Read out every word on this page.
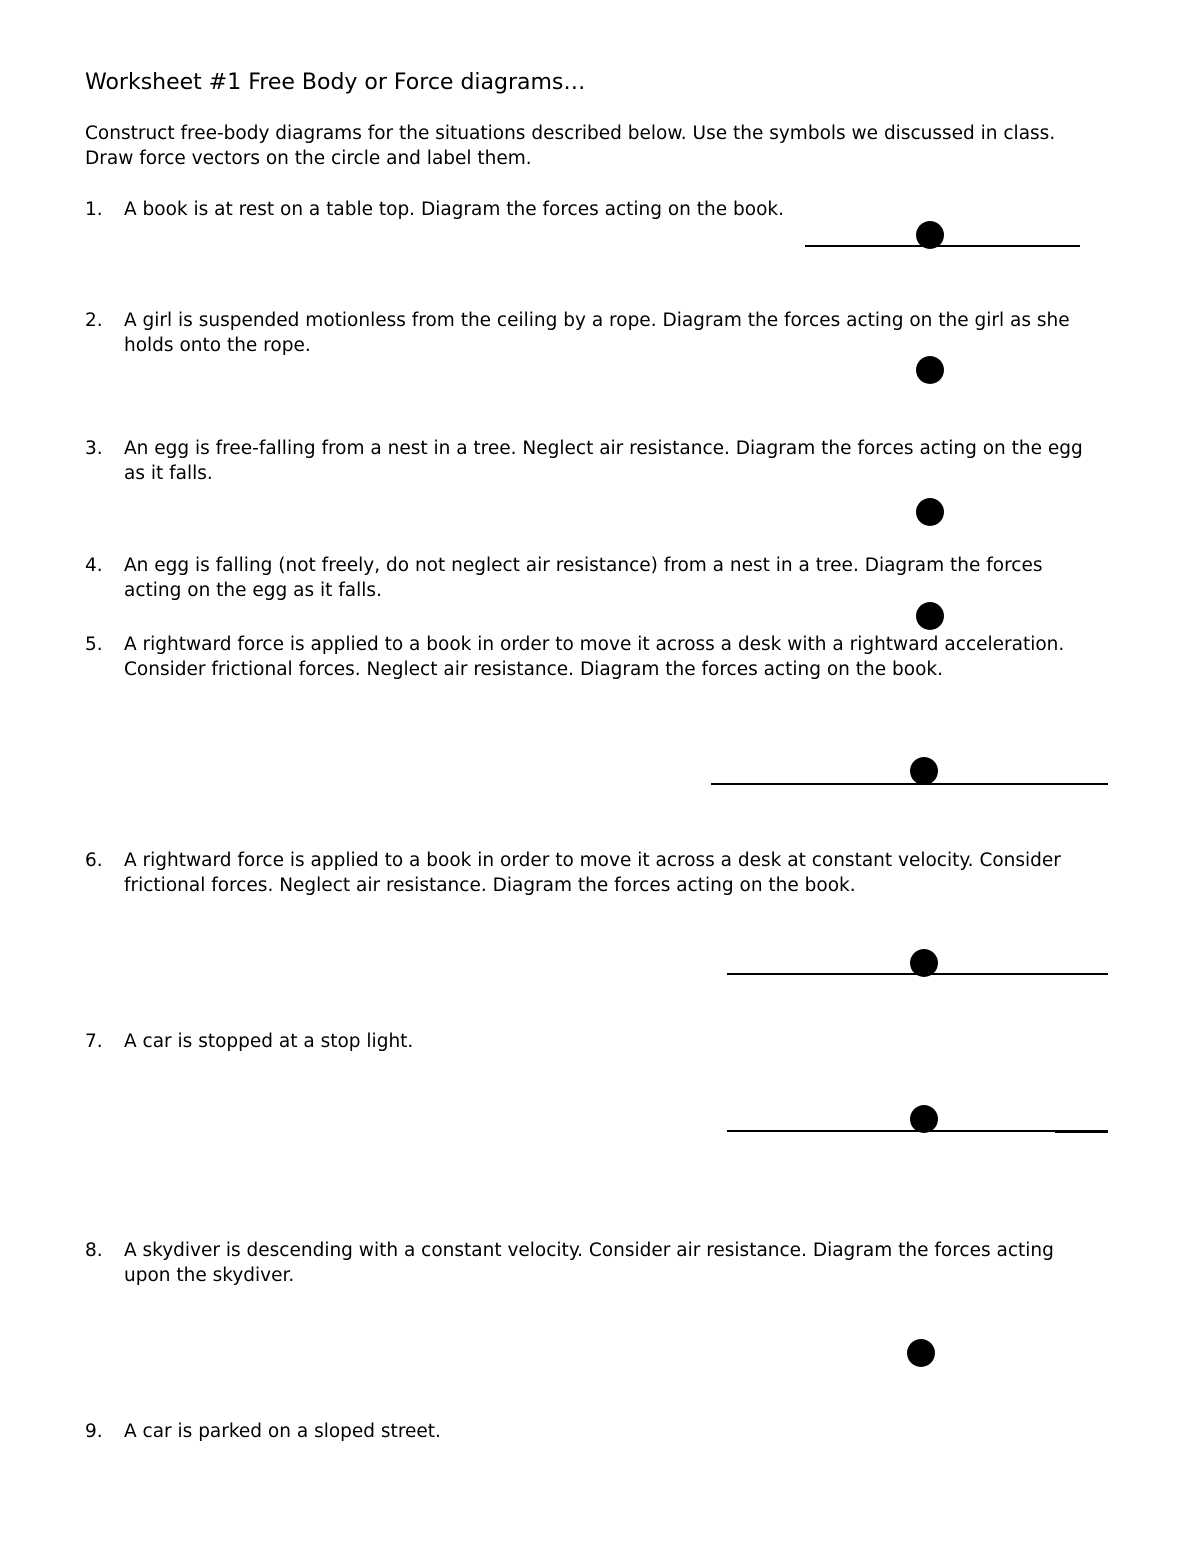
Worksheet #1 Free Body or Force diagrams…
Construct free-body diagrams for the situations described below. Use the symbols we discussed in class. Draw force vectors on the circle and label them.
1.	A book is at rest on a table top. Diagram the forces acting on the book.
2.	A girl is suspended motionless from the ceiling by a rope. Diagram the forces acting on the girl as she holds onto the rope.
3.	An egg is free-falling from a nest in a tree. Neglect air resistance. Diagram the forces acting on the egg as it falls.
4.	An egg is falling (not freely, do not neglect air resistance) from a nest in a tree. Diagram the forces acting on the egg as it falls.
5.	A rightward force is applied to a book in order to move it across a desk with a rightward acceleration. Consider frictional forces. Neglect air resistance. Diagram the forces acting on the book.
6.	A rightward force is applied to a book in order to move it across a desk at constant velocity. Consider frictional forces. Neglect air resistance. Diagram the forces acting on the book.
7.	A car is stopped at a stop light.
8.	A skydiver is descending with a constant velocity. Consider air resistance. Diagram the forces acting upon the skydiver.
9.	A car is parked on a sloped street.
